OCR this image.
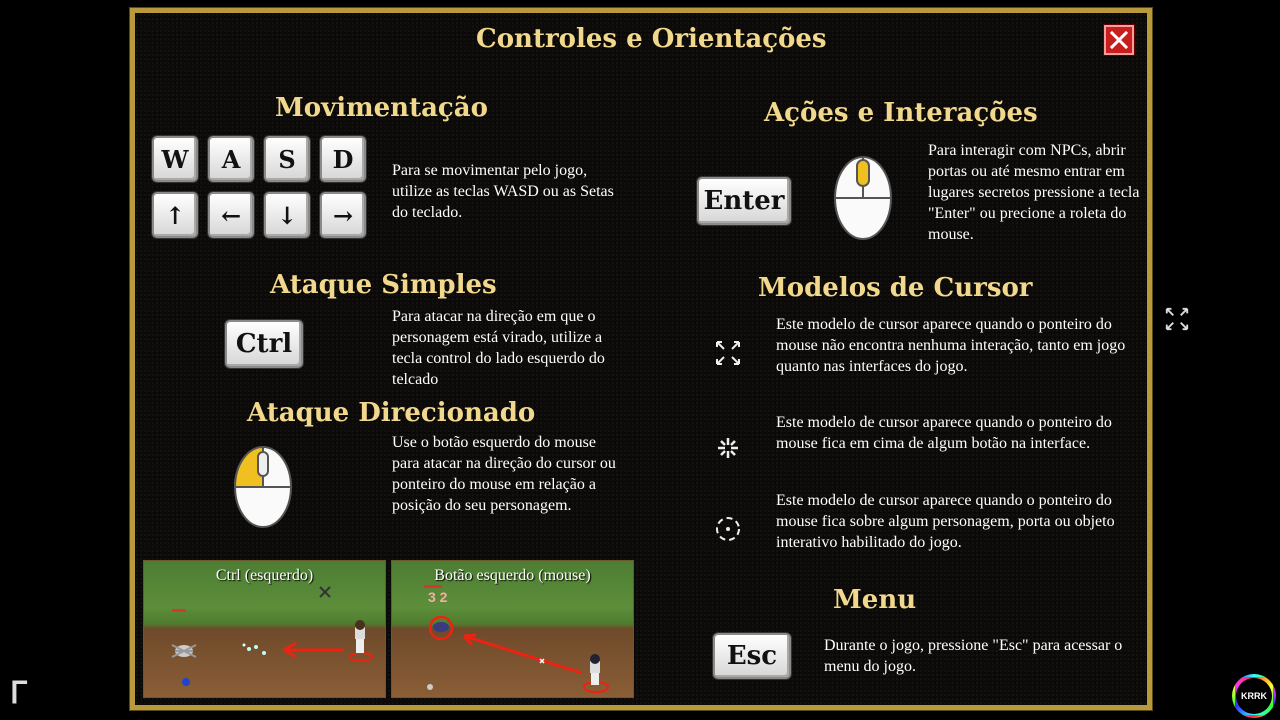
Controles e Orientações
Movimentação
W	A	S	D
↑ ← ↓ →
Para se movimentar pelo jogo, utilize as teclas WASD ou as Setas do teclado.
Ataque Simples
Ctrl
Para atacar na direção em que o personagem está virado, utilize a tecla control do lado esquerdo do telcado
Ataque Direcionado
Use o botão esquerdo do mouse para atacar na direção do cursor ou ponteiro do mouse em relação a posição do seu personagem.
Ctrl (esquerdo)	Botão esquerdo (mouse)
3 2
Ações e Interações
Enter
Para interagir com NPCs, abrir portas ou até mesmo entrar em lugares secretos pressione a tecla "Enter" ou precione a roleta do mouse.
Modelos de Cursor
Este modelo de cursor aparece quando o ponteiro do mouse não encontra nenhuma interação, tanto em jogo quanto nas interfaces do jogo.
Este modelo de cursor aparece quando o ponteiro do mouse fica em cima de algum botão na interface.
Este modelo de cursor aparece quando o ponteiro do mouse fica sobre algum personagem, porta ou objeto interativo habilitado do jogo.
Menu
Esc	Durante o jogo, pressione "Esc" para acessar o menu do jogo.
ᒥ	KRRK
